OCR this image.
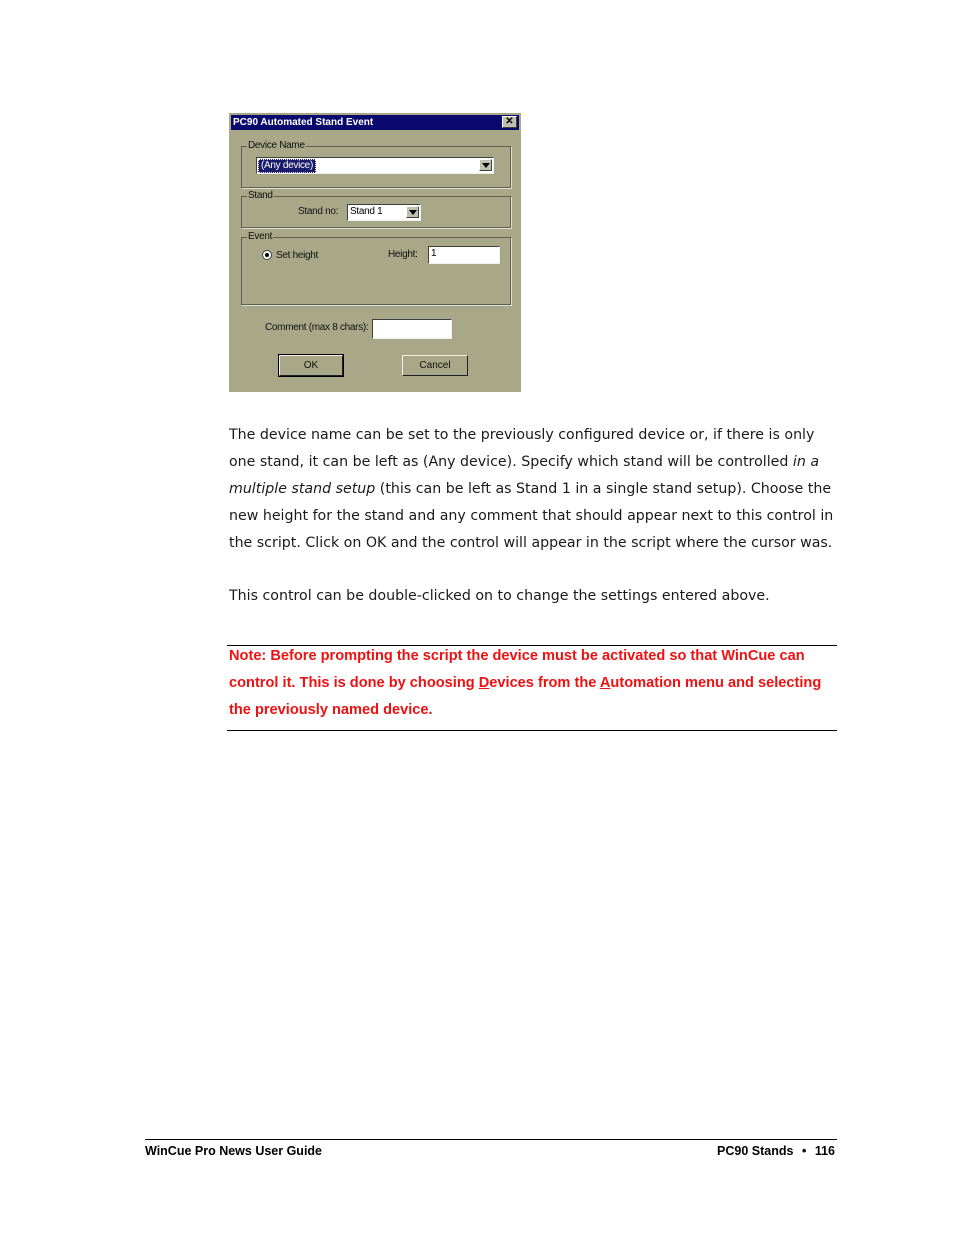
PC90 Automated Stand Event	✕
Device Name
(Any device)
Stand
Stand no: Stand 1
Event
Set height	Height:	1
Comment (max 8 chars):
OK	Cancel

The device name can be set to the previously configured device or, if there is only one stand, it can be left as (Any device). Specify which stand will be controlled in a multiple stand setup (this can be left as Stand 1 in a single stand setup). Choose the new height for the stand and any comment that should appear next to this control in the script. Click on OK and the control will appear in the script where the cursor was.

This control can be double-clicked on to change the settings entered above.

Note: Before prompting the script the device must be activated so that WinCue can control it. This is done by choosing Devices from the Automation menu and selecting the previously named device.

WinCue Pro News User Guide	PC90 Stands • 116
